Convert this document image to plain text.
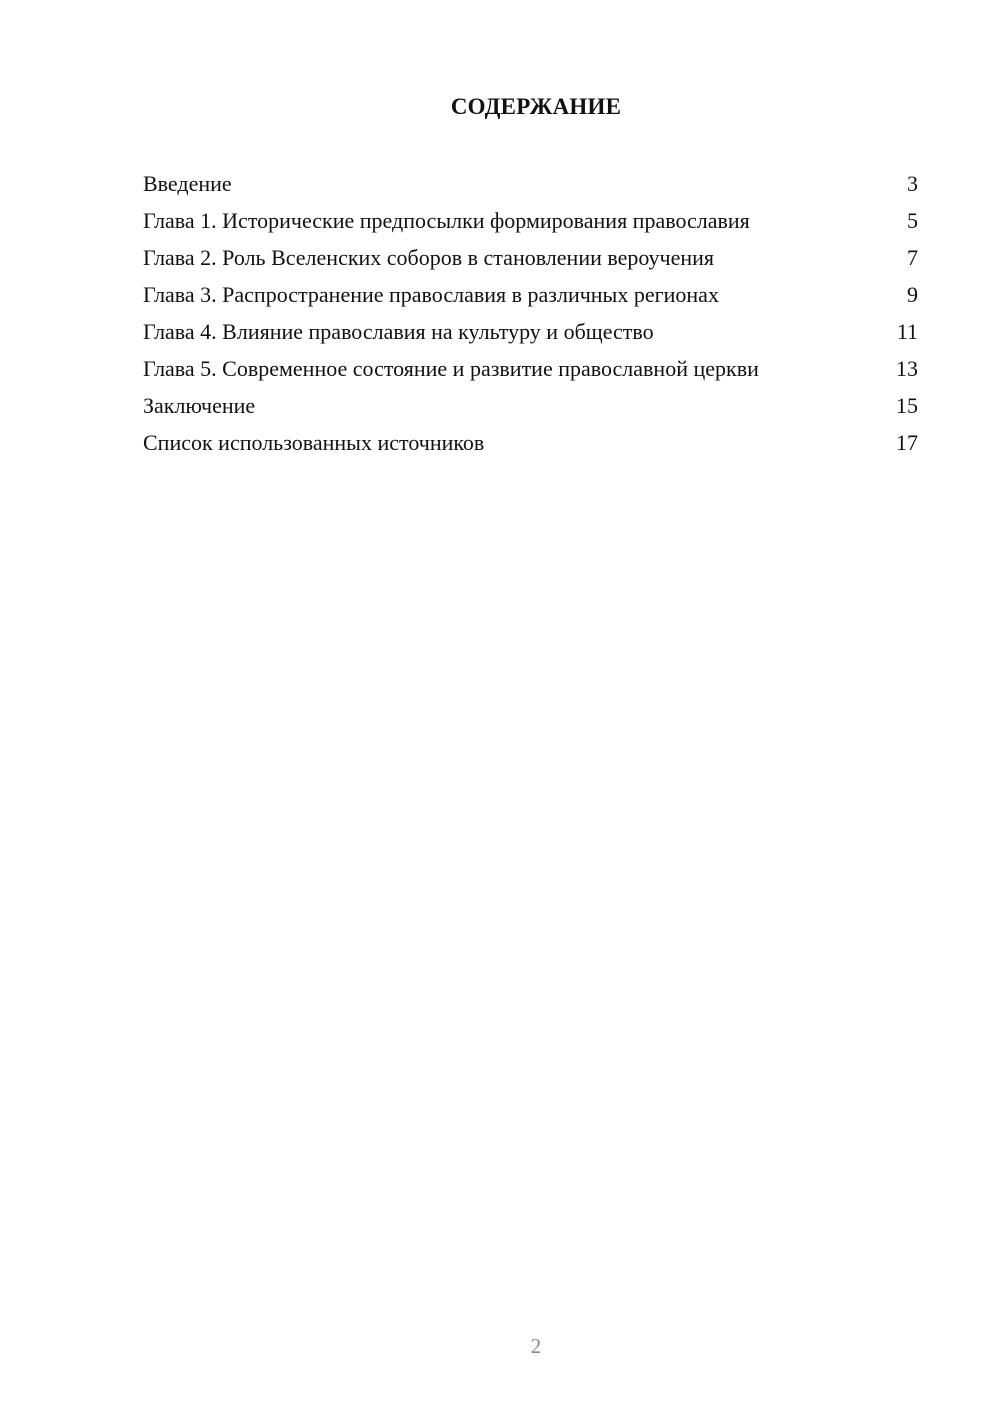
СОДЕРЖАНИЕ
Введение	3
Глава 1. Исторические предпосылки формирования православия	5
Глава 2. Роль Вселенских соборов в становлении вероучения	7
Глава 3. Распространение православия в различных регионах	9
Глава 4. Влияние православия на культуру и общество	11
Глава 5. Современное состояние и развитие православной церкви	13
Заключение	15
Список использованных источников	17
2
